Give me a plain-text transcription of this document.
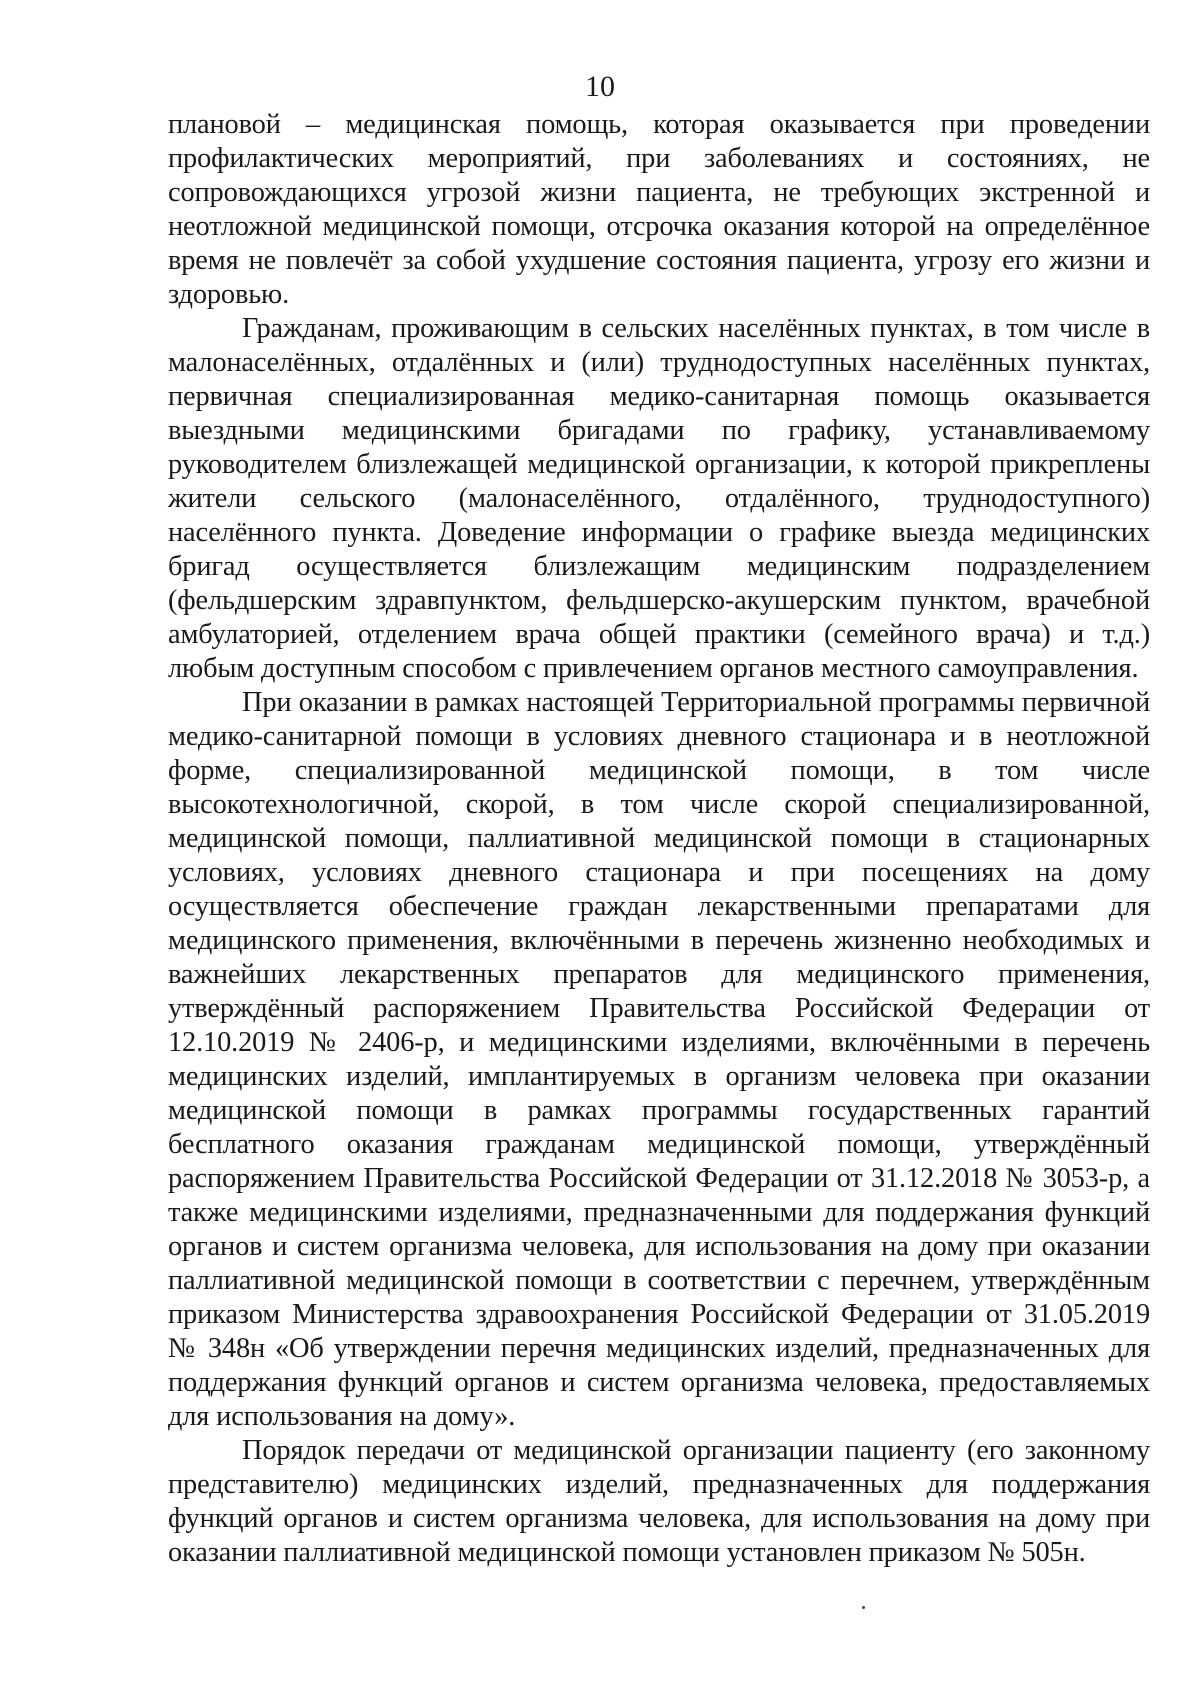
10

плановой – медицинская помощь, которая оказывается при проведении профилактических мероприятий, при заболеваниях и состояниях, не сопровождающихся угрозой жизни пациента, не требующих экстренной и неотложной медицинской помощи, отсрочка оказания которой на определённое время не повлечёт за собой ухудшение состояния пациента, угрозу его жизни и здоровью.

Гражданам, проживающим в сельских населённых пунктах, в том числе в малонаселённых, отдалённых и (или) труднодоступных населённых пунктах, первичная специализированная медико-санитарная помощь оказывается выездными медицинскими бригадами по графику, устанавливаемому руководителем близлежащей медицинской организации, к которой прикреплены жители сельского (малонаселённого, отдалённого, труднодоступного) населённого пункта. Доведение информации о графике выезда медицинских бригад осуществляется близлежащим медицинским подразделением (фельдшерским здравпунктом, фельдшерско-акушерским пунктом, врачебной амбулаторией, отделением врача общей практики (семейного врача) и т.д.) любым доступным способом с привлечением органов местного самоуправления.

При оказании в рамках настоящей Территориальной программы первичной медико-санитарной помощи в условиях дневного стационара и в неотложной форме, специализированной медицинской помощи, в том числе высокотехнологичной, скорой, в том числе скорой специализированной, медицинской помощи, паллиативной медицинской помощи в стационарных условиях, условиях дневного стационара и при посещениях на дому осуществляется обеспечение граждан лекарственными препаратами для медицинского применения, включёнными в перечень жизненно необходимых и важнейших лекарственных препаратов для медицинского применения, утверждённый распоряжением Правительства Российской Федерации от 12.10.2019 № 2406-р, и медицинскими изделиями, включёнными в перечень медицинских изделий, имплантируемых в организм человека при оказании медицинской помощи в рамках программы государственных гарантий бесплатного оказания гражданам медицинской помощи, утверждённый распоряжением Правительства Российской Федерации от 31.12.2018 № 3053-р, а также медицинскими изделиями, предназначенными для поддержания функций органов и систем организма человека, для использования на дому при оказании паллиативной медицинской помощи в соответствии с перечнем, утверждённым приказом Министерства здравоохранения Российской Федерации от 31.05.2019 № 348н «Об утверждении перечня медицинских изделий, предназначенных для поддержания функций органов и систем организма человека, предоставляемых для использования на дому».

Порядок передачи от медицинской организации пациенту (его законному представителю) медицинских изделий, предназначенных для поддержания функций органов и систем организма человека, для использования на дому при оказании паллиативной медицинской помощи установлен приказом № 505н.
